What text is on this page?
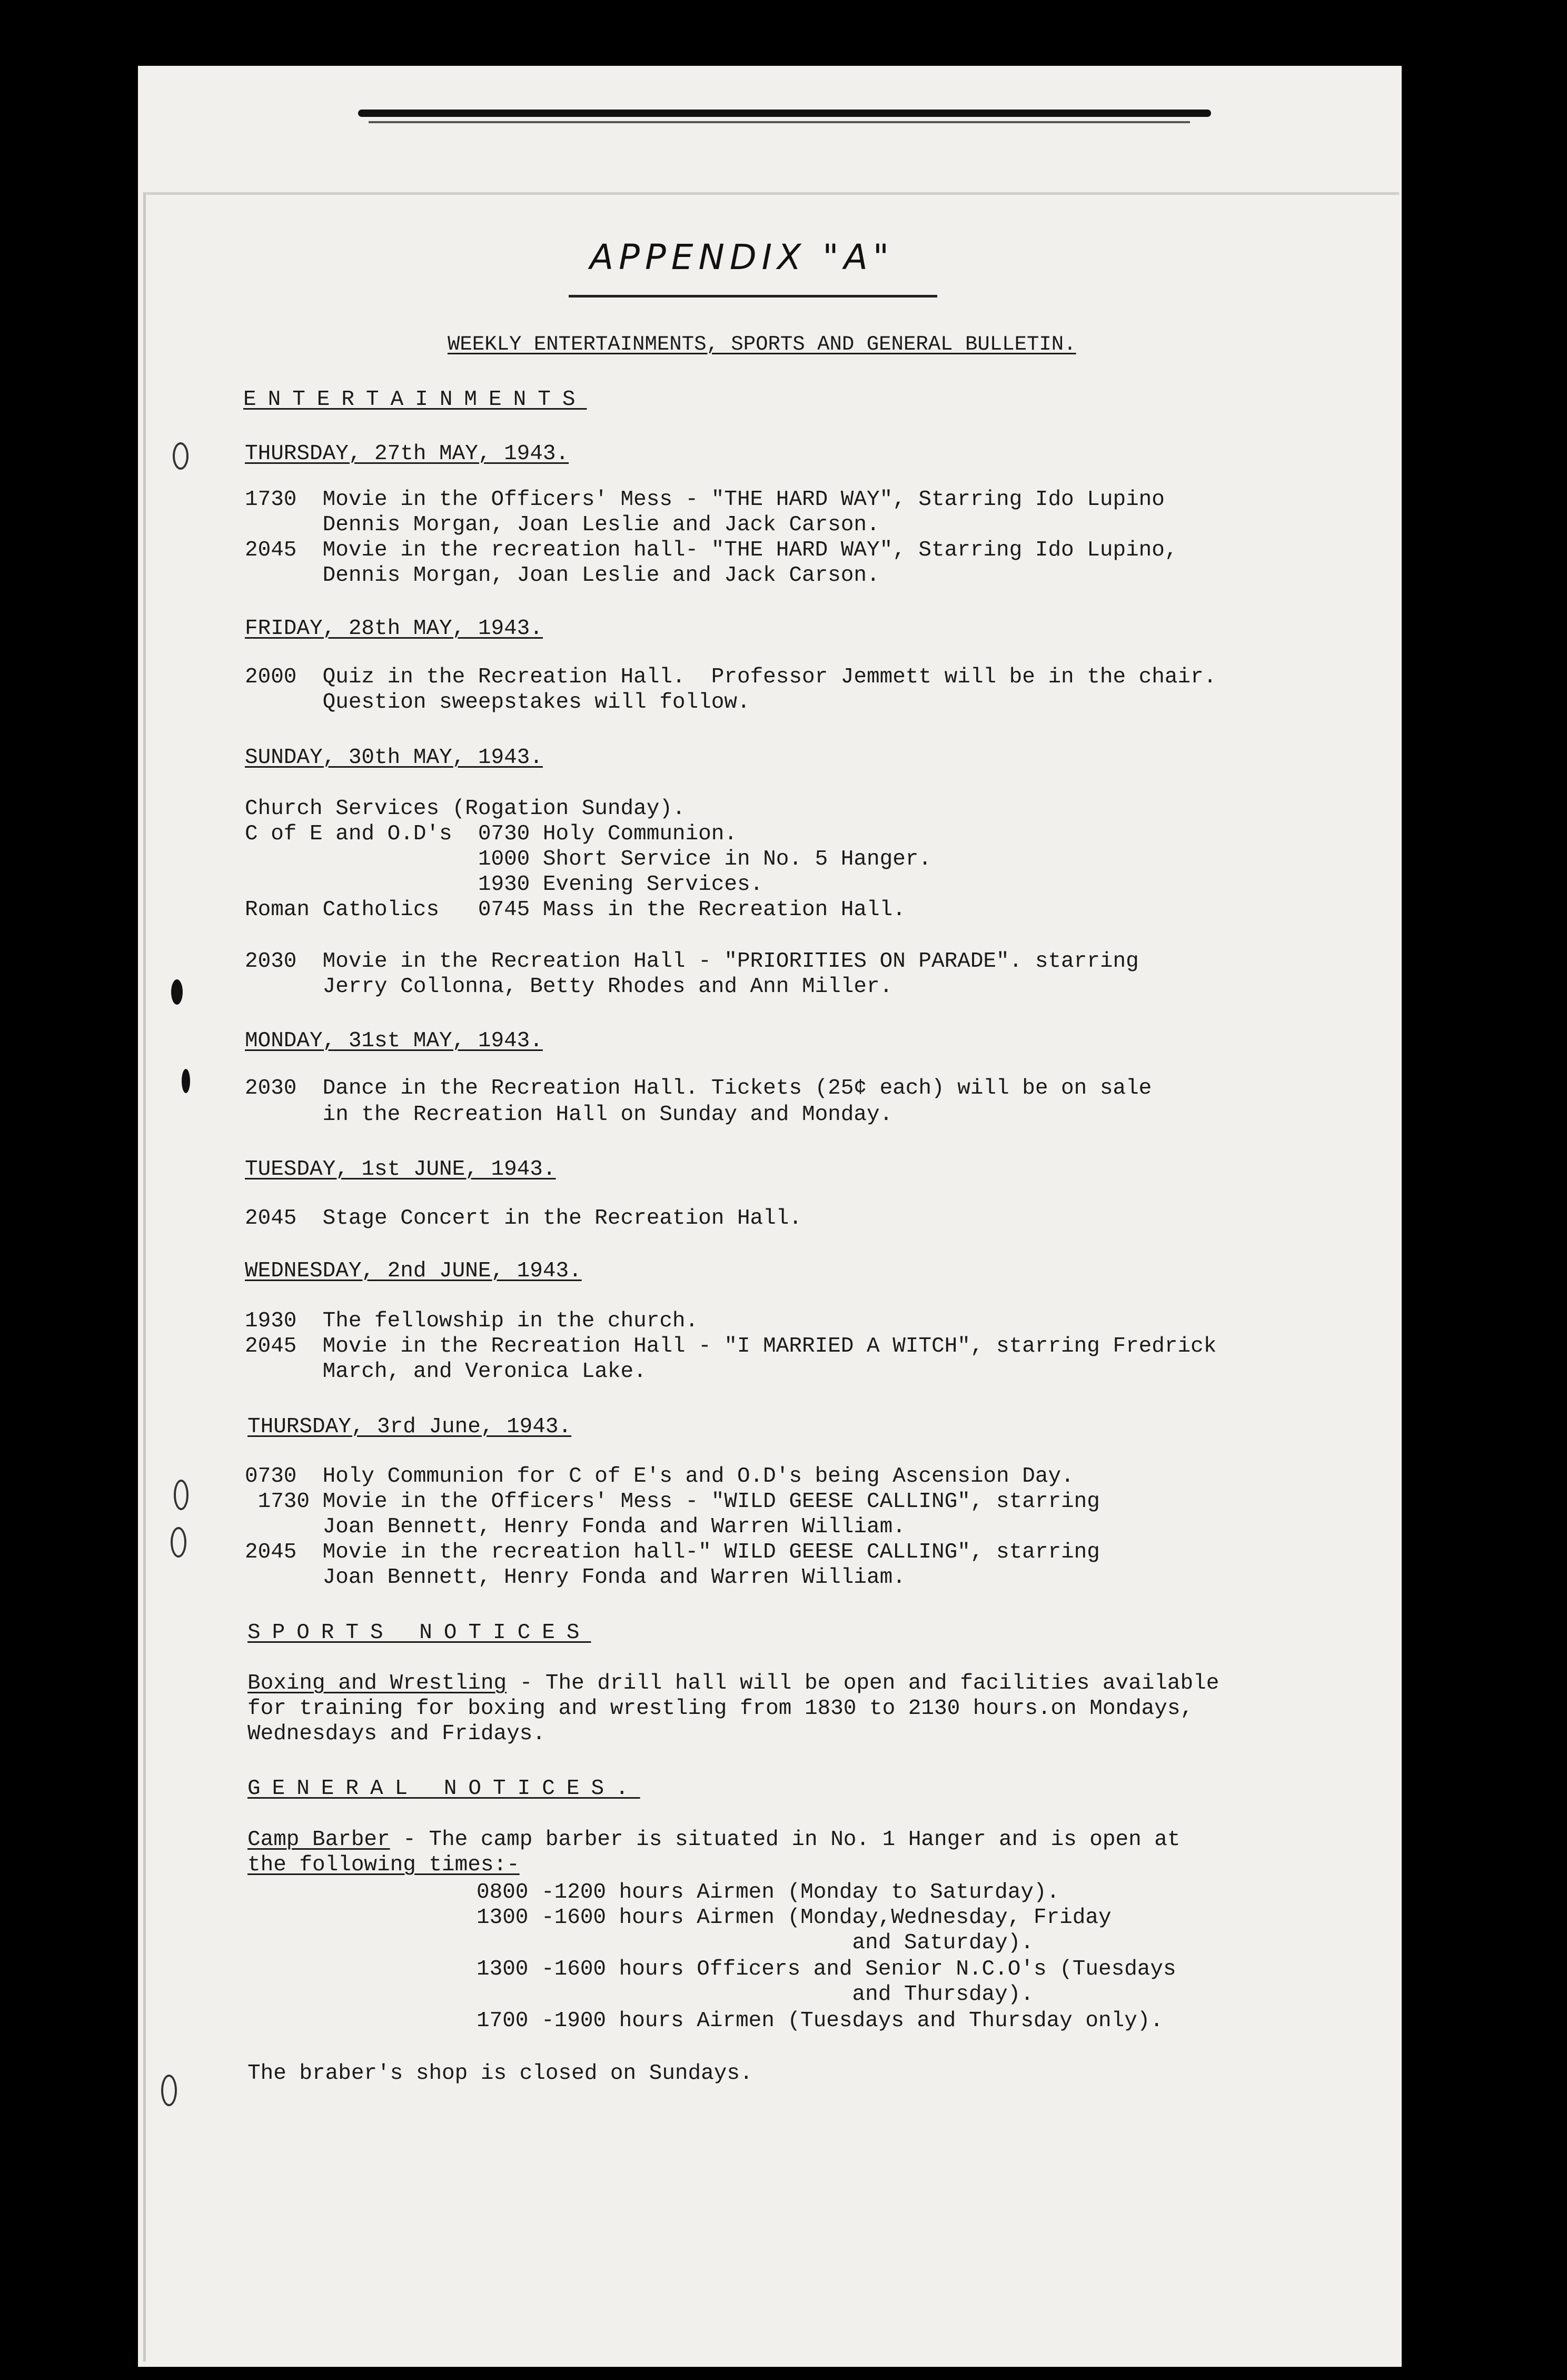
APPENDIX "A"
WEEKLY ENTERTAINMENTS, SPORTS AND GENERAL BULLETIN.
ENTERTAINMENTS
THURSDAY, 27th MAY, 1943.
1730  Movie in the Officers' Mess - "THE HARD WAY", Starring Ido Lupino
Dennis Morgan, Joan Leslie and Jack Carson.
2045  Movie in the recreation hall- "THE HARD WAY", Starring Ido Lupino,
Dennis Morgan, Joan Leslie and Jack Carson.
FRIDAY, 28th MAY, 1943.
2000  Quiz in the Recreation Hall.  Professor Jemmett will be in the chair.
Question sweepstakes will follow.
SUNDAY, 30th MAY, 1943.
Church Services (Rogation Sunday).
C of E and O.D's  0730 Holy Communion.
1000 Short Service in No. 5 Hanger.
1930 Evening Services.
Roman Catholics   0745 Mass in the Recreation Hall.
2030  Movie in the Recreation Hall - "PRIORITIES ON PARADE". starring
Jerry Collonna, Betty Rhodes and Ann Miller.
MONDAY, 31st MAY, 1943.
2030  Dance in the Recreation Hall. Tickets (25¢ each) will be on sale
in the Recreation Hall on Sunday and Monday.
TUESDAY, 1st JUNE, 1943.
2045  Stage Concert in the Recreation Hall.
WEDNESDAY, 2nd JUNE, 1943.
1930  The fellowship in the church.
2045  Movie in the Recreation Hall - "I MARRIED A WITCH", starring Fredrick
March, and Veronica Lake.
THURSDAY, 3rd June, 1943.
0730  Holy Communion for C of E's and O.D's being Ascension Day.
1730 Movie in the Officers' Mess - "WILD GEESE CALLING", starring
Joan Bennett, Henry Fonda and Warren William.
2045  Movie in the recreation hall-" WILD GEESE CALLING", starring
Joan Bennett, Henry Fonda and Warren William.
SPORTS NOTICES
Boxing and Wrestling - The drill hall will be open and facilities available
for training for boxing and wrestling from 1830 to 2130 hours.on Mondays,
Wednesdays and Fridays.
GENERAL NOTICES.
Camp Barber - The camp barber is situated in No. 1 Hanger and is open at
the following times:-
0800 -1200 hours Airmen (Monday to Saturday).
1300 -1600 hours Airmen (Monday,Wednesday, Friday
and Saturday).
1300 -1600 hours Officers and Senior N.C.O's (Tuesdays
and Thursday).
1700 -1900 hours Airmen (Tuesdays and Thursday only).
The braber's shop is closed on Sundays.
